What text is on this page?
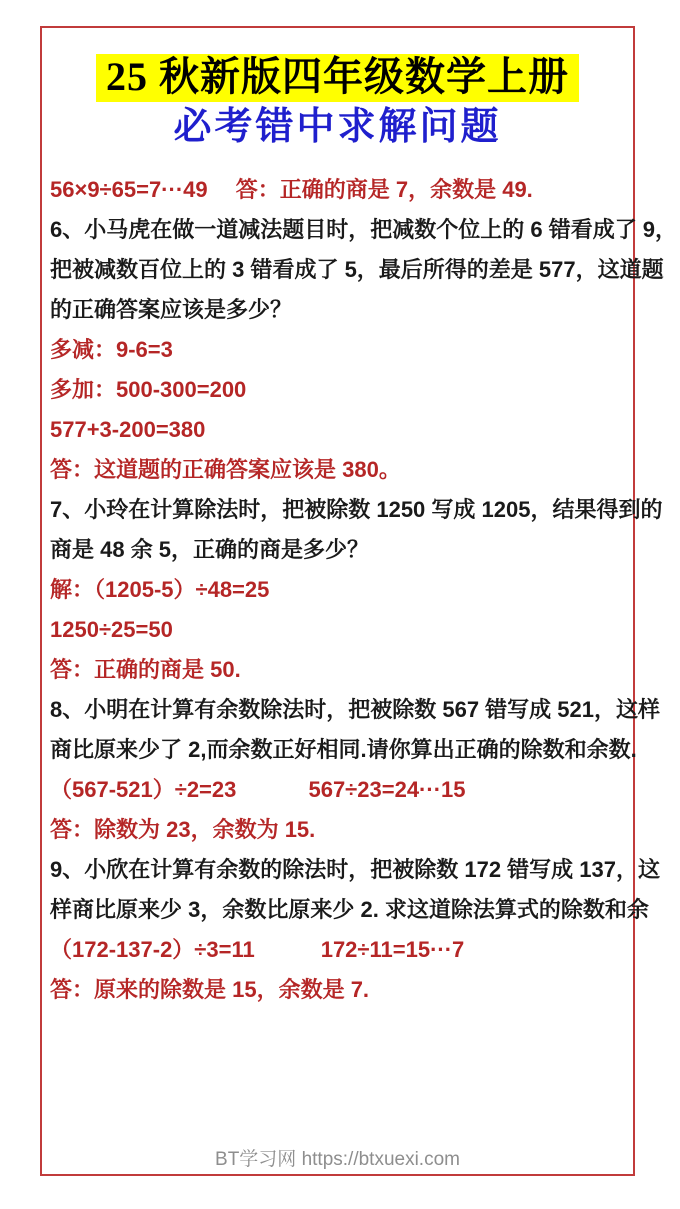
25 秋新版四年级数学上册
必考错中求解问题
56×9÷65=7···49　 答：正确的商是 7，余数是 49.
6、小马虎在做一道减法题目时，把减数个位上的 6 错看成了 9，
把被减数百位上的 3 错看成了 5，最后所得的差是 577，这道题
的正确答案应该是多少？
多减：9-6=3
多加：500-300=200
577+3-200=380
答：这道题的正确答案应该是 380。
7、小玲在计算除法时，把被除数 1250 写成 1205，结果得到的
商是 48 余 5，正确的商是多少？
解：（1205-5）÷48=25
1250÷25=50
答：正确的商是 50.
8、小明在计算有余数除法时，把被除数 567 错写成 521，这样
商比原来少了 2,而余数正好相同.请你算出正确的除数和余数.
（567-521）÷2=23　　　 567÷23=24···15
答：除数为 23，余数为 15.
9、小欣在计算有余数的除法时，把被除数 172 错写成 137，这
样商比原来少 3，余数比原来少 2. 求这道除法算式的除数和余
（172-137-2）÷3=11　　　172÷11=15···7
答：原来的除数是 15，余数是 7.
BT学习网 https://btxuexi.com
